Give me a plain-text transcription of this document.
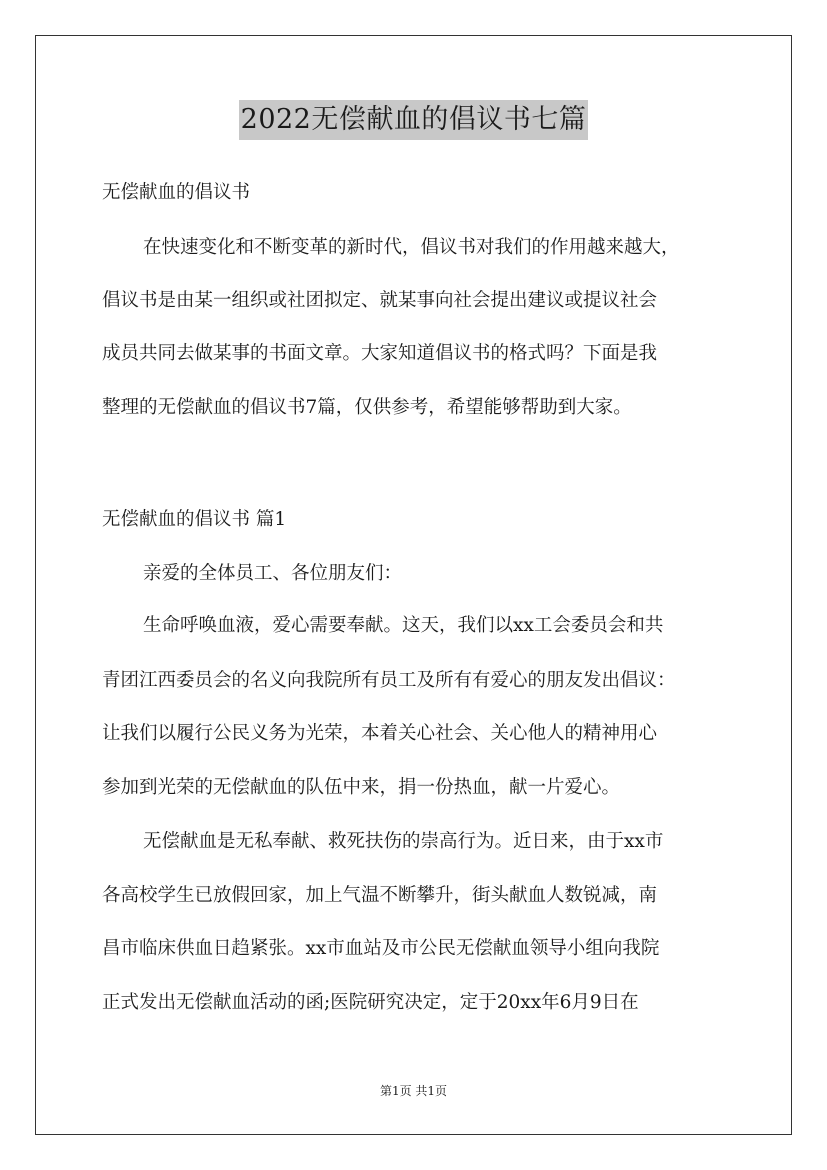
2022无偿献血的倡议书七篇
无偿献血的倡议书
在快速变化和不断变革的新时代，倡议书对我们的作用越来越大，
倡议书是由某一组织或社团拟定、就某事向社会提出建议或提议社会
成员共同去做某事的书面文章。大家知道倡议书的格式吗？下面是我
整理的无偿献血的倡议书7篇，仅供参考，希望能够帮助到大家。
无偿献血的倡议书 篇1
亲爱的全体员工、各位朋友们：
生命呼唤血液，爱心需要奉献。这天，我们以xx工会委员会和共
青团江西委员会的名义向我院所有员工及所有有爱心的朋友发出倡议：
让我们以履行公民义务为光荣，本着关心社会、关心他人的精神用心
参加到光荣的无偿献血的队伍中来，捐一份热血，献一片爱心。
无偿献血是无私奉献、救死扶伤的崇高行为。近日来，由于xx市
各高校学生已放假回家，加上气温不断攀升，街头献血人数锐减，南
昌市临床供血日趋紧张。xx市血站及市公民无偿献血领导小组向我院
正式发出无偿献血活动的函;医院研究决定，定于20xx年6月9日在
第1页 共1页
